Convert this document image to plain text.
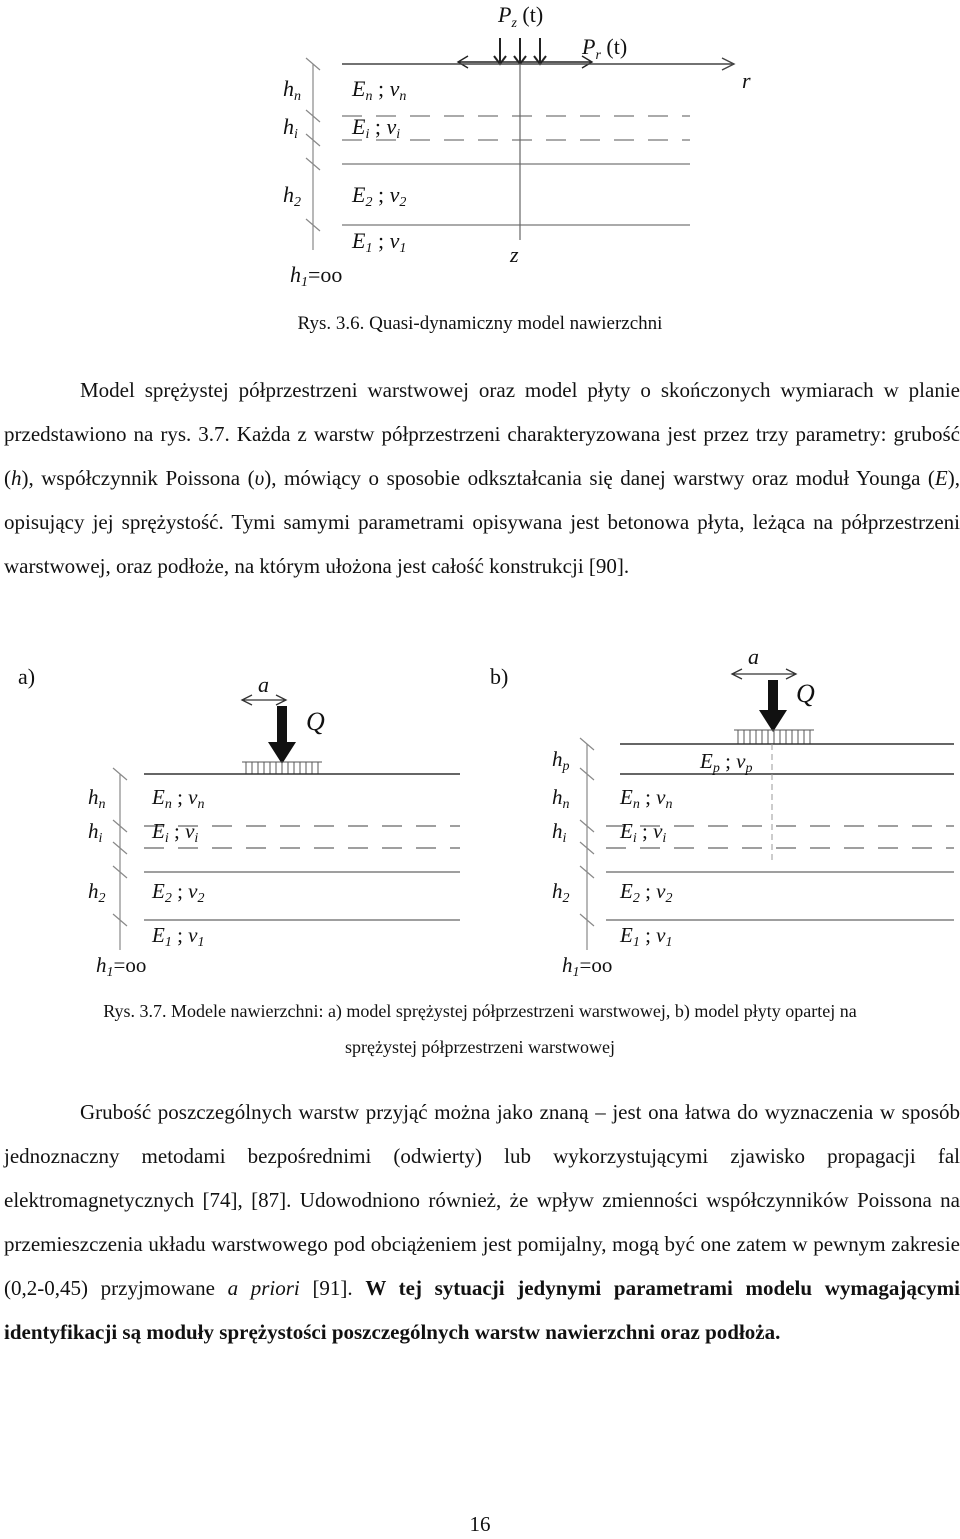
$P_z$ (t)
$P_r$ (t)
r
z
hn
hi
h2
h1=oo
En ; νn
Ei ; νi
E2 ; ν2
E1 ; ν1
Rys. 3.6. Quasi-dynamiczny model nawierzchni

Model sprężystej półprzestrzeni warstwowej oraz model płyty o skończonych wymiarach w planie przedstawiono na rys. 3.7. Każda z warstw półprzestrzeni charakteryzowana jest przez trzy parametry: grubość (h), współczynnik Poissona (υ), mówiący o sposobie odkształcania się danej warstwy oraz moduł Younga (E), opisujący jej sprężystość. Tymi samymi parametrami opisywana jest betonowa płyta, leżąca na półprzestrzeni warstwowej, oraz podłoże, na którym ułożona jest całość konstrukcji [90].

a)	b)
a
Q
hn
hi
h2
h1=oo
En ; νn
Ei ; νi
E2 ; ν2
E1 ; ν1
a
Q
Ep ; νp
hp
hn
hi
h2
h1=oo
En ; νn
Ei ; νi
E2 ; ν2
E1 ; ν1
Rys. 3.7. Modele nawierzchni: a) model sprężystej półprzestrzeni warstwowej, b) model płyty opartej na
sprężystej półprzestrzeni warstwowej

Grubość poszczególnych warstw przyjąć można jako znaną – jest ona łatwa do wyznaczenia w sposób jednoznaczny metodami bezpośrednimi (odwierty) lub wykorzystującymi zjawisko propagacji fal elektromagnetycznych [74], [87]. Udowodniono również, że wpływ zmienności współczynników Poissona na przemieszczenia układu warstwowego pod obciążeniem jest pomijalny, mogą być one zatem w pewnym zakresie (0,2-0,45) przyjmowane a priori [91]. W tej sytuacji jedynymi parametrami modelu wymagającymi identyfikacji są moduły sprężystości poszczególnych warstw nawierzchni oraz podłoża.

16
